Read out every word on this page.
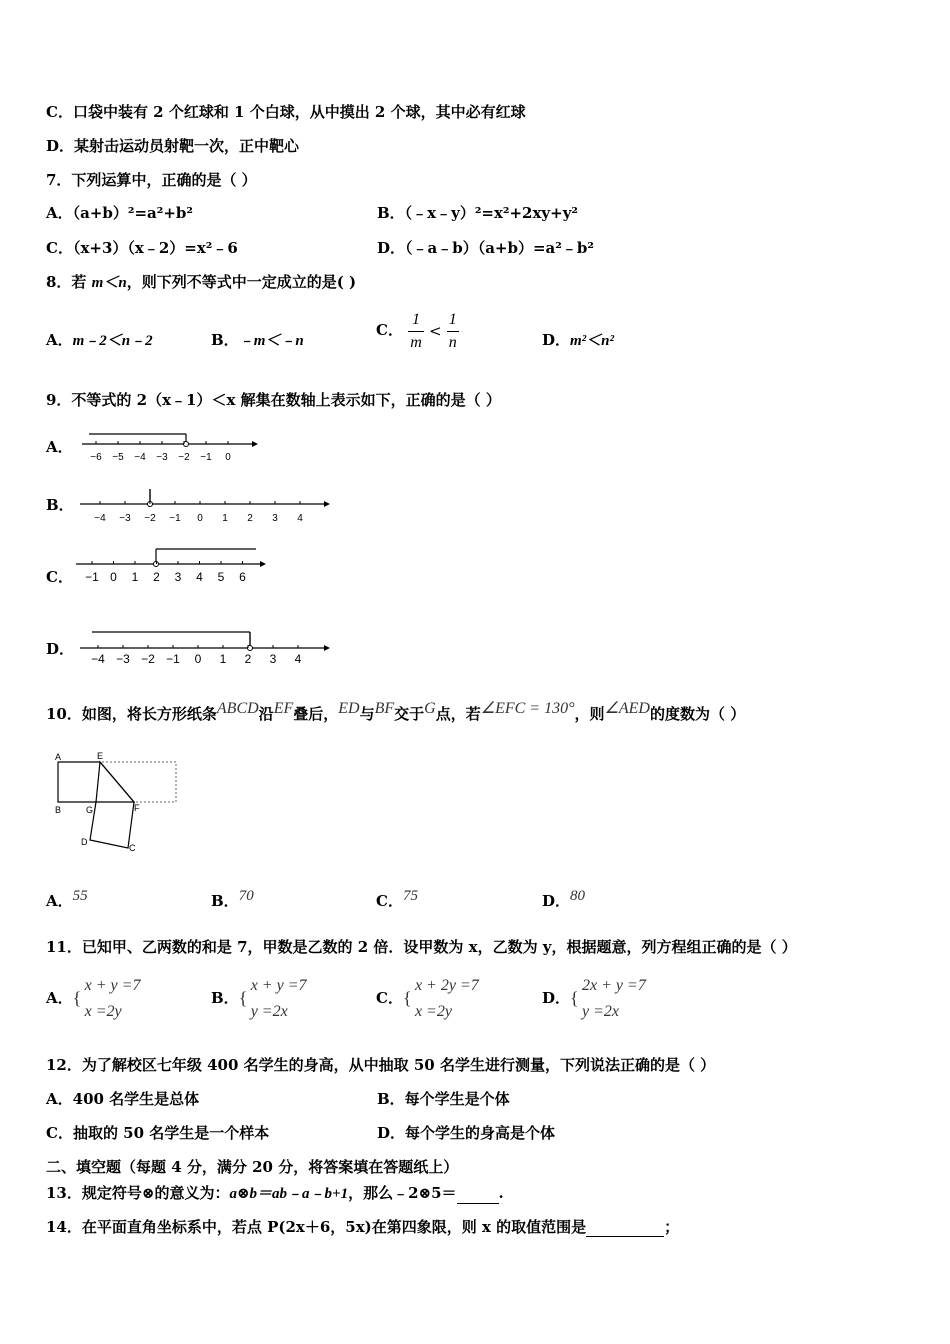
C．口袋中装有 2 个红球和 1 个白球，从中摸出 2 个球，其中必有红球
D．某射击运动员射靶一次，正中靶心
7．下列运算中，正确的是（ ）
A．（a+b）²=a²+b²	B．（﹣x﹣y）²=x²+2xy+y²
C．（x+3）（x﹣2）=x²﹣6	D．（﹣a﹣b）（a+b）=a²﹣b²
8．若 m＜n，则下列不等式中一定成立的是( )
A．m﹣2＜n﹣2	B．﹣m＜﹣n
C． $\frac{1}{m} < \frac{1}{n}$	D．m²＜n²
9．不等式的 2（x﹣1）＜x 解集在数轴上表示如下，正确的是（ ）
A．
−6 −5 −4 −3 −2 −1 0
B．
−4 −3 −2 −1 0 1 2 3 4
C． −1 0 1 2 3 4 5 6
D．
−4 −3 −2 −1 0 1 2 3 4
10．如图，将长方形纸条$^{ABCD}$沿$^{EF}$叠后，$^{ED}$与$^{BF}$交于$^G$点，若$^{\angle EFC = 130^\circ}$，则$^{\angle AED}$的度数为（ ）
A	E
B	G	F
D
C
A．$^{55}$	B．$^{70}$	C．$^{75}$	D．$^{80}$
11．已知甲、乙两数的和是 7，甲数是乙数的 2 倍．设甲数为 x，乙数为 y，根据题意，列方程组正确的是（ ）
A． {
x + y =7
x =2y
B． {
x + y =7
y =2x
C． {
x + 2y =7
x =2y
D． {
2x + y =7
y =2x
12．为了解校区七年级 400 名学生的身高，从中抽取 50 名学生进行测量，下列说法正确的是（ ）
A．400 名学生是总体	B．每个学生是个体
C．抽取的 50 名学生是一个样本	D．每个学生的身高是个体
二、填空题（每题 4 分，满分 20 分，将答案填在答题纸上）
13．规定符号⊗的意义为：a⊗b＝ab﹣a﹣b+1，那么﹣2⊗5＝	.
14．在平面直角坐标系中，若点 P(2x＋6，5x)在第四象限，则 x 的取值范围是	；
